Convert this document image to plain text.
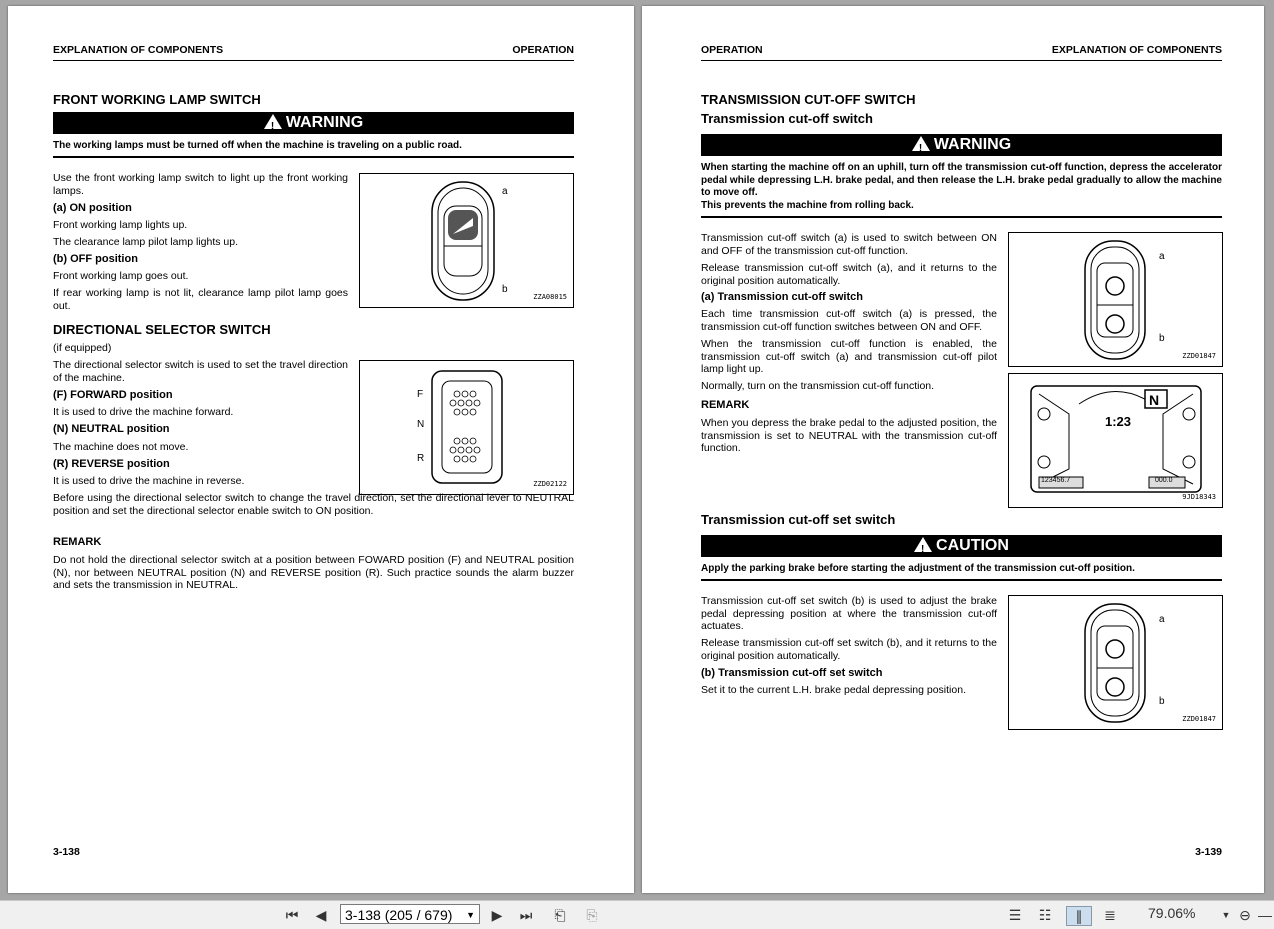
EXPLANATION OF COMPONENTS	OPERATION
FRONT WORKING LAMP SWITCH
!WARNING
The working lamps must be turned off when the machine is traveling on a public road.
Use the front working lamp switch to light up the front working lamps.
(a) ON position
Front working lamp lights up.
The clearance lamp pilot lamp lights up.
(b) OFF position
Front working lamp goes out.
If rear working lamp is not lit, clearance lamp pilot lamp goes out.
a
b
ZZA08015
DIRECTIONAL SELECTOR SWITCH
(if equipped)
The directional selector switch is used to set the travel direction of the machine.
(F) FORWARD position
It is used to drive the machine forward.
(N) NEUTRAL position
The machine does not move.
(R) REVERSE position
It is used to drive the machine in reverse.
F
N
R
ZZD02122
Before using the directional selector switch to change the travel direction, set the directional lever to NEUTRAL position and set the directional selector enable switch to ON position.
REMARK
Do not hold the directional selector switch at a position between FOWARD position (F) and NEUTRAL position (N), nor between NEUTRAL position (N) and REVERSE position (R). Such practice sounds the alarm buzzer and sets the transmission in NEUTRAL.
3-138
OPERATION	EXPLANATION OF COMPONENTS
TRANSMISSION CUT-OFF SWITCH
Transmission cut-off switch
!WARNING
When starting the machine off on an uphill, turn off the transmission cut-off function, depress the accelerator pedal while depressing L.H. brake pedal, and then release the L.H. brake pedal gradually to allow the machine to move off.
This prevents the machine from rolling back.
Transmission cut-off switch (a) is used to switch between ON and OFF of the transmission cut-off function.
Release transmission cut-off switch (a), and it returns to the original position automatically.
(a) Transmission cut-off switch
Each time transmission cut-off switch (a) is pressed, the transmission cut-off function switches between ON and OFF.
When the transmission cut-off function is enabled, the transmission cut-off switch (a) and transmission cut-off pilot lamp light up.
Normally, turn on the transmission cut-off function.
REMARK
When you depress the brake pedal to the adjusted position, the transmission is set to NEUTRAL with the transmission cut-off function.
a
b
ZZD01847
1:23
N
123456.7	000.0
9JD18343
Transmission cut-off set switch
!CAUTION
Apply the parking brake before starting the adjustment of the transmission cut-off position.
Transmission cut-off set switch (b) is used to adjust the brake pedal depressing position at where the transmission cut-off actuates.
Release transmission cut-off set switch (b), and it returns to the original position automatically.
(b) Transmission cut-off set switch
Set it to the current L.H. brake pedal depressing position.
a
b
ZZD01847
3-139
⏮ ◀	3-138 (205 / 679) ▼ ▶ ⏭	⎗	⎘	☰ ☷	∥	≣ 79.06%	▼ ⊖ —
